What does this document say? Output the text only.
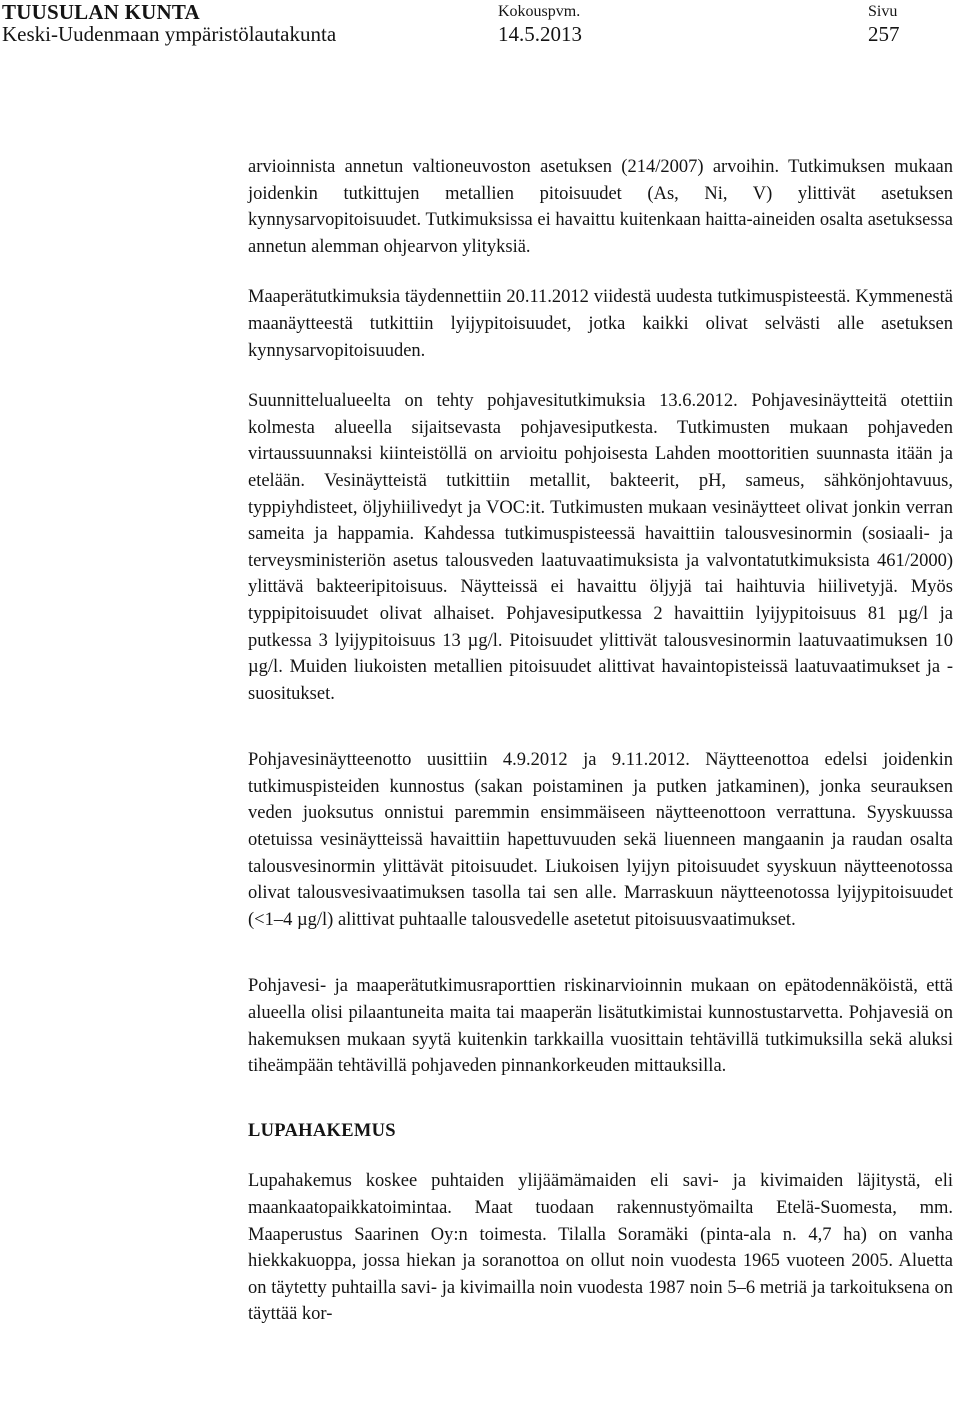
TUUSULAN KUNTA
Keski-Uudenmaan ympäristölautakunta
Kokouspvm.
14.5.2013
Sivu
257

arvioinnista annetun valtioneuvoston asetuksen (214/2007) arvoihin. Tutkimuksen mukaan joidenkin tutkittujen metallien pitoisuudet (As, Ni, V) ylittivät asetuksen kynnysarvopitoisuudet. Tutkimuksissa ei havaittu kuitenkaan haitta-aineiden osalta asetuksessa annetun alemman ohjearvon ylityksiä.

Maaperätutkimuksia täydennettiin 20.11.2012 viidestä uudesta tutkimuspisteestä. Kymmenestä maanäytteestä tutkittiin lyijypitoisuudet, jotka kaikki olivat selvästi alle asetuksen kynnysarvopitoisuuden.

Suunnittelualueelta on tehty pohjavesitutkimuksia 13.6.2012. Pohjavesinäytteitä otettiin kolmesta alueella sijaitsevasta pohjavesiputkesta. Tutkimusten mukaan pohjaveden virtaussuunnaksi kiinteistöllä on arvioitu pohjoisesta Lahden moottoritien suunnasta itään ja etelään. Vesinäytteistä tutkittiin metallit, bakteerit, pH, sameus, sähkönjohtavuus, typpiyhdisteet, öljyhiilivedyt ja VOC:it. Tutkimusten mukaan vesinäytteet olivat jonkin verran sameita ja happamia. Kahdessa tutkimuspisteessä havaittiin talousvesinormin (sosiaali- ja terveysministeriön asetus talousveden laatuvaatimuksista ja valvontatutkimuksista 461/2000) ylittävä bakteeripitoisuus. Näytteissä ei havaittu öljyjä tai haihtuvia hiilivetyjä. Myös typpipitoisuudet olivat alhaiset. Pohjavesiputkessa 2 havaittiin lyijypitoisuus 81 µg/l ja putkessa 3 lyijypitoisuus 13 µg/l. Pitoisuudet ylittivät talousvesinormin laatuvaatimuksen 10 µg/l. Muiden liukoisten metallien pitoisuudet alittivat havaintopisteissä laatuvaatimukset ja -suositukset.

Pohjavesinäytteenotto uusittiin 4.9.2012 ja 9.11.2012. Näytteenottoa edelsi joidenkin tutkimuspisteiden kunnostus (sakan poistaminen ja putken jatkaminen), jonka seurauksen veden juoksutus onnistui paremmin ensimmäiseen näytteenottoon verrattuna. Syyskuussa otetuissa vesinäytteissä havaittiin hapettuvuuden sekä liuenneen mangaanin ja raudan osalta talousvesinormin ylittävät pitoisuudet. Liukoisen lyijyn pitoisuudet syyskuun näytteenotossa olivat talousvesivaatimuksen tasolla tai sen alle. Marraskuun näytteenotossa lyijypitoisuudet (<1–4 µg/l) alittivat puhtaalle talousvedelle asetetut pitoisuusvaatimukset.

Pohjavesi- ja maaperätutkimusraporttien riskinarvioinnin mukaan on epätodennäköistä, että alueella olisi pilaantuneita maita tai maaperän lisätutkimistai kunnostustarvetta. Pohjavesiä on hakemuksen mukaan syytä kuitenkin tarkkailla vuosittain tehtävillä tutkimuksilla sekä aluksi tiheämpään tehtävillä pohjaveden pinnankorkeuden mittauksilla.

LUPAHAKEMUS

Lupahakemus koskee puhtaiden ylijäämämaiden eli savi- ja kivimaiden läjitystä, eli maankaatopaikkatoimintaa. Maat tuodaan rakennustyömailta Etelä-Suomesta, mm. Maaperustus Saarinen Oy:n toimesta. Tilalla Soramäki (pinta-ala n. 4,7 ha) on vanha hiekkakuoppa, jossa hiekan ja soranottoa on ollut noin vuodesta 1965 vuoteen 2005. Aluetta on täytetty puhtailla savi- ja kivimailla noin vuodesta 1987 noin 5–6 metriä ja tarkoituksena on täyttää kor-
